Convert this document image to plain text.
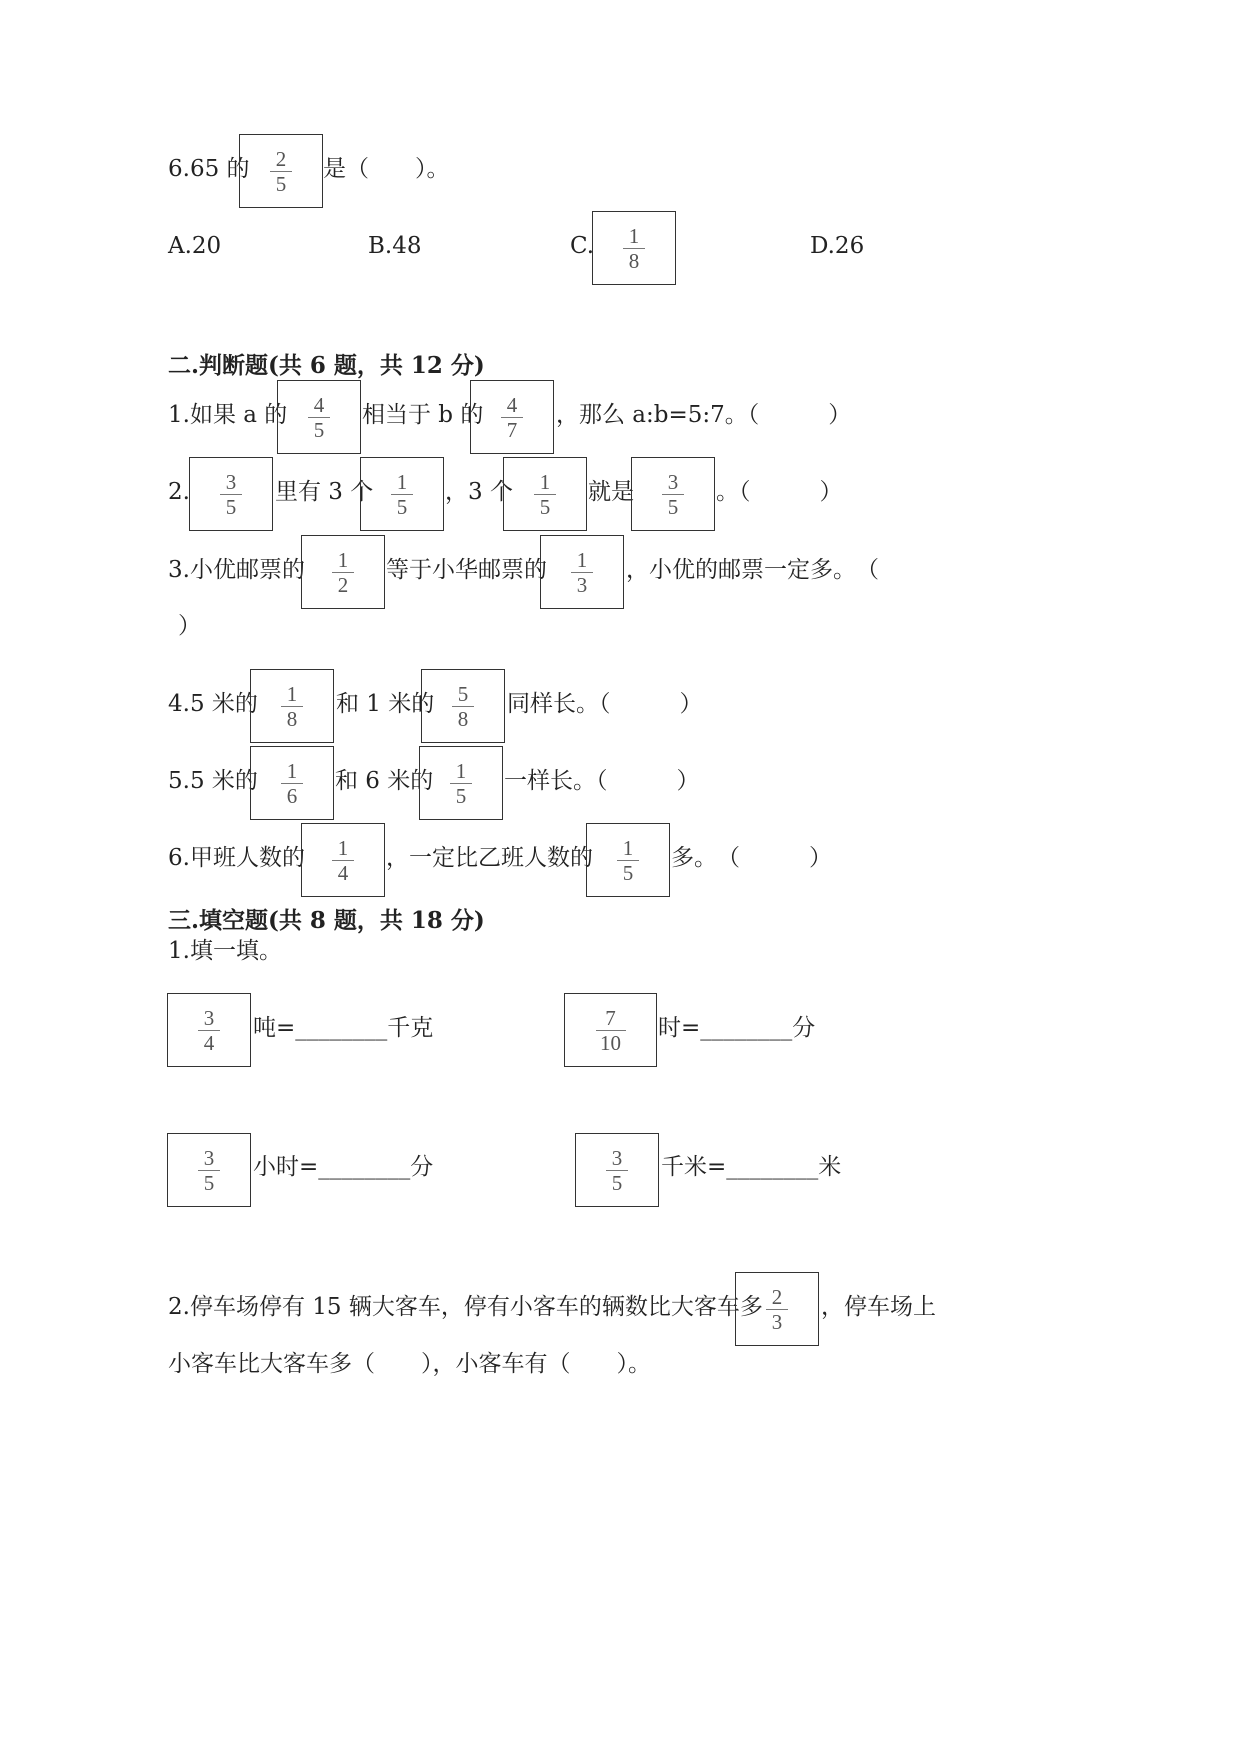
6.65 的 2
5
是（　　）。
A.20	B.48	C. 1
8
D.26
二.判断题(共 6 题，共 12 分)
1.如果 a 的 4
5
相当于 b 的 4
7
，那么 a:b=5:7。（　　　）
2. 3
5
里有 3 个 1
5
，3 个 1
5
就是 3
5
。（　　　）
3.小优邮票的 1
2
等于小华邮票的 1
3
，小优的邮票一定多。　（
）
4.5 米的 1
8
和 1 米的 5
8
同样长。（　　　）
5.5 米的 1
6
和 6 米的 1
5
一样长。（　　　）
6.甲班人数的 1
4
，一定比乙班人数的 1
5
多。　（　　　）
三.填空题(共 8 题，共 18 分)
1.填一填。
3
4
吨=________千克	7
10
时=________分
3
5
小时=________分	3
5
千米=________米
2.停车场停有 15 辆大客车，停有小客车的辆数比大客车多 2
3
，停车场上
小客车比大客车多（　　），小客车有（　　）。
